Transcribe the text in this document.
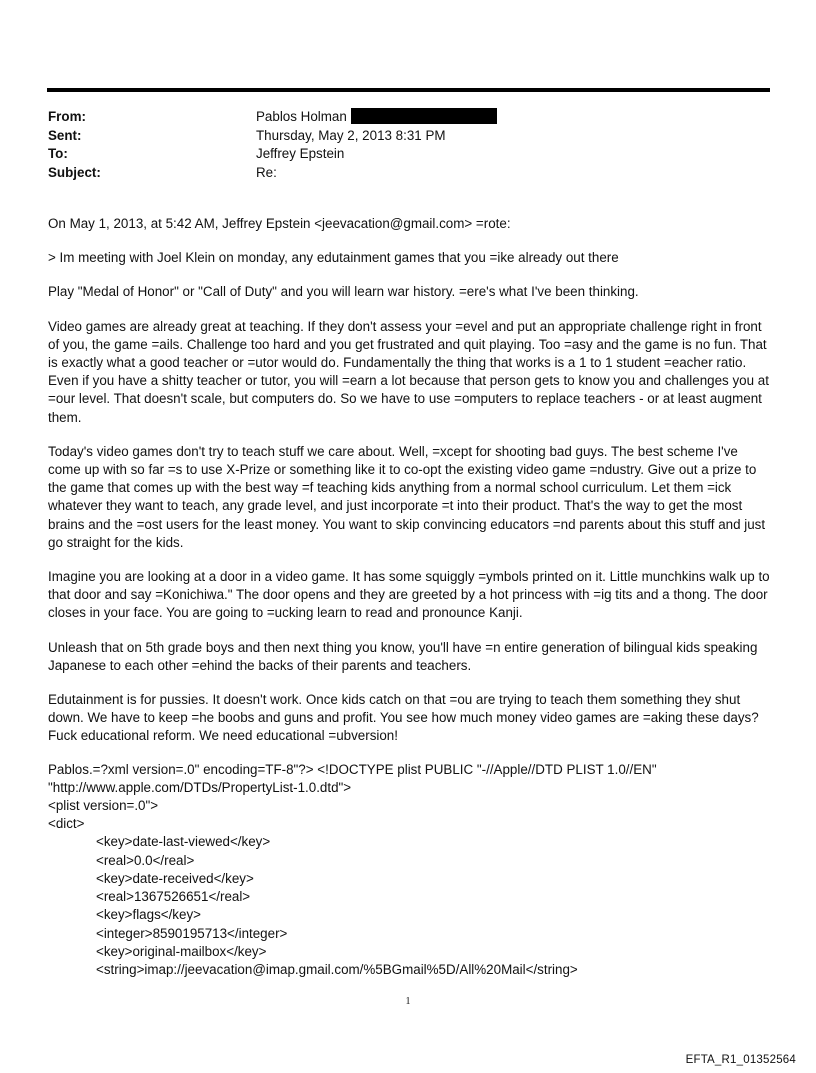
From:	Pablos Holman
Sent:	Thursday, May 2, 2013 8:31 PM
To:	Jeffrey Epstein
Subject:	Re:

On May 1, 2013, at 5:42 AM, Jeffrey Epstein <jeevacation@gmail.com> =rote:

> Im meeting with Joel Klein on monday, any edutainment games that you =ike already out there

Play "Medal of Honor" or "Call of Duty" and you will learn war history. =ere's what I've been thinking.

Video games are already great at teaching. If they don't assess your =evel and put an appropriate challenge right in front of you, the game =ails. Challenge too hard and you get frustrated and quit playing. Too =asy and the game is no fun. That is exactly what a good teacher or =utor would do. Fundamentally the thing that works is a 1 to 1 student =eacher ratio. Even if you have a shitty teacher or tutor, you will =earn a lot because that person gets to know you and challenges you at =our level. That doesn't scale, but computers do. So we have to use =omputers to replace teachers - or at least augment them.

Today's video games don't try to teach stuff we care about. Well, =xcept for shooting bad guys. The best scheme I've come up with so far =s to use X-Prize or something like it to co-opt the existing video game =ndustry. Give out a prize to the game that comes up with the best way =f teaching kids anything from a normal school curriculum. Let them =ick whatever they want to teach, any grade level, and just incorporate =t into their product. That's the way to get the most brains and the =ost users for the least money. You want to skip convincing educators =nd parents about this stuff and just go straight for the kids.

Imagine you are looking at a door in a video game. It has some squiggly =ymbols printed on it. Little munchkins walk up to that door and say =Konichiwa." The door opens and they are greeted by a hot princess with =ig tits and a thong. The door closes in your face. You are going to =ucking learn to read and pronounce Kanji.

Unleash that on 5th grade boys and then next thing you know, you'll have =n entire generation of bilingual kids speaking Japanese to each other =ehind the backs of their parents and teachers.

Edutainment is for pussies. It doesn't work. Once kids catch on that =ou are trying to teach them something they shut down. We have to keep =he boobs and guns and profit. You see how much money video games are =aking these days? Fuck educational reform. We need educational =ubversion!

Pablos.=?xml version=.0" encoding=TF-8"?> <!DOCTYPE plist PUBLIC "-//Apple//DTD PLIST 1.0//EN"
"http://www.apple.com/DTDs/PropertyList-1.0.dtd">
<plist version=.0">
<dict>
<key>date-last-viewed</key>
<real>0.0</real>
<key>date-received</key>
<real>1367526651</real>
<key>flags</key>
<integer>8590195713</integer>
<key>original-mailbox</key>
<string>imap://jeevacation@imap.gmail.com/%5BGmail%5D/All%20Mail</string>
1
EFTA_R1_01352564
